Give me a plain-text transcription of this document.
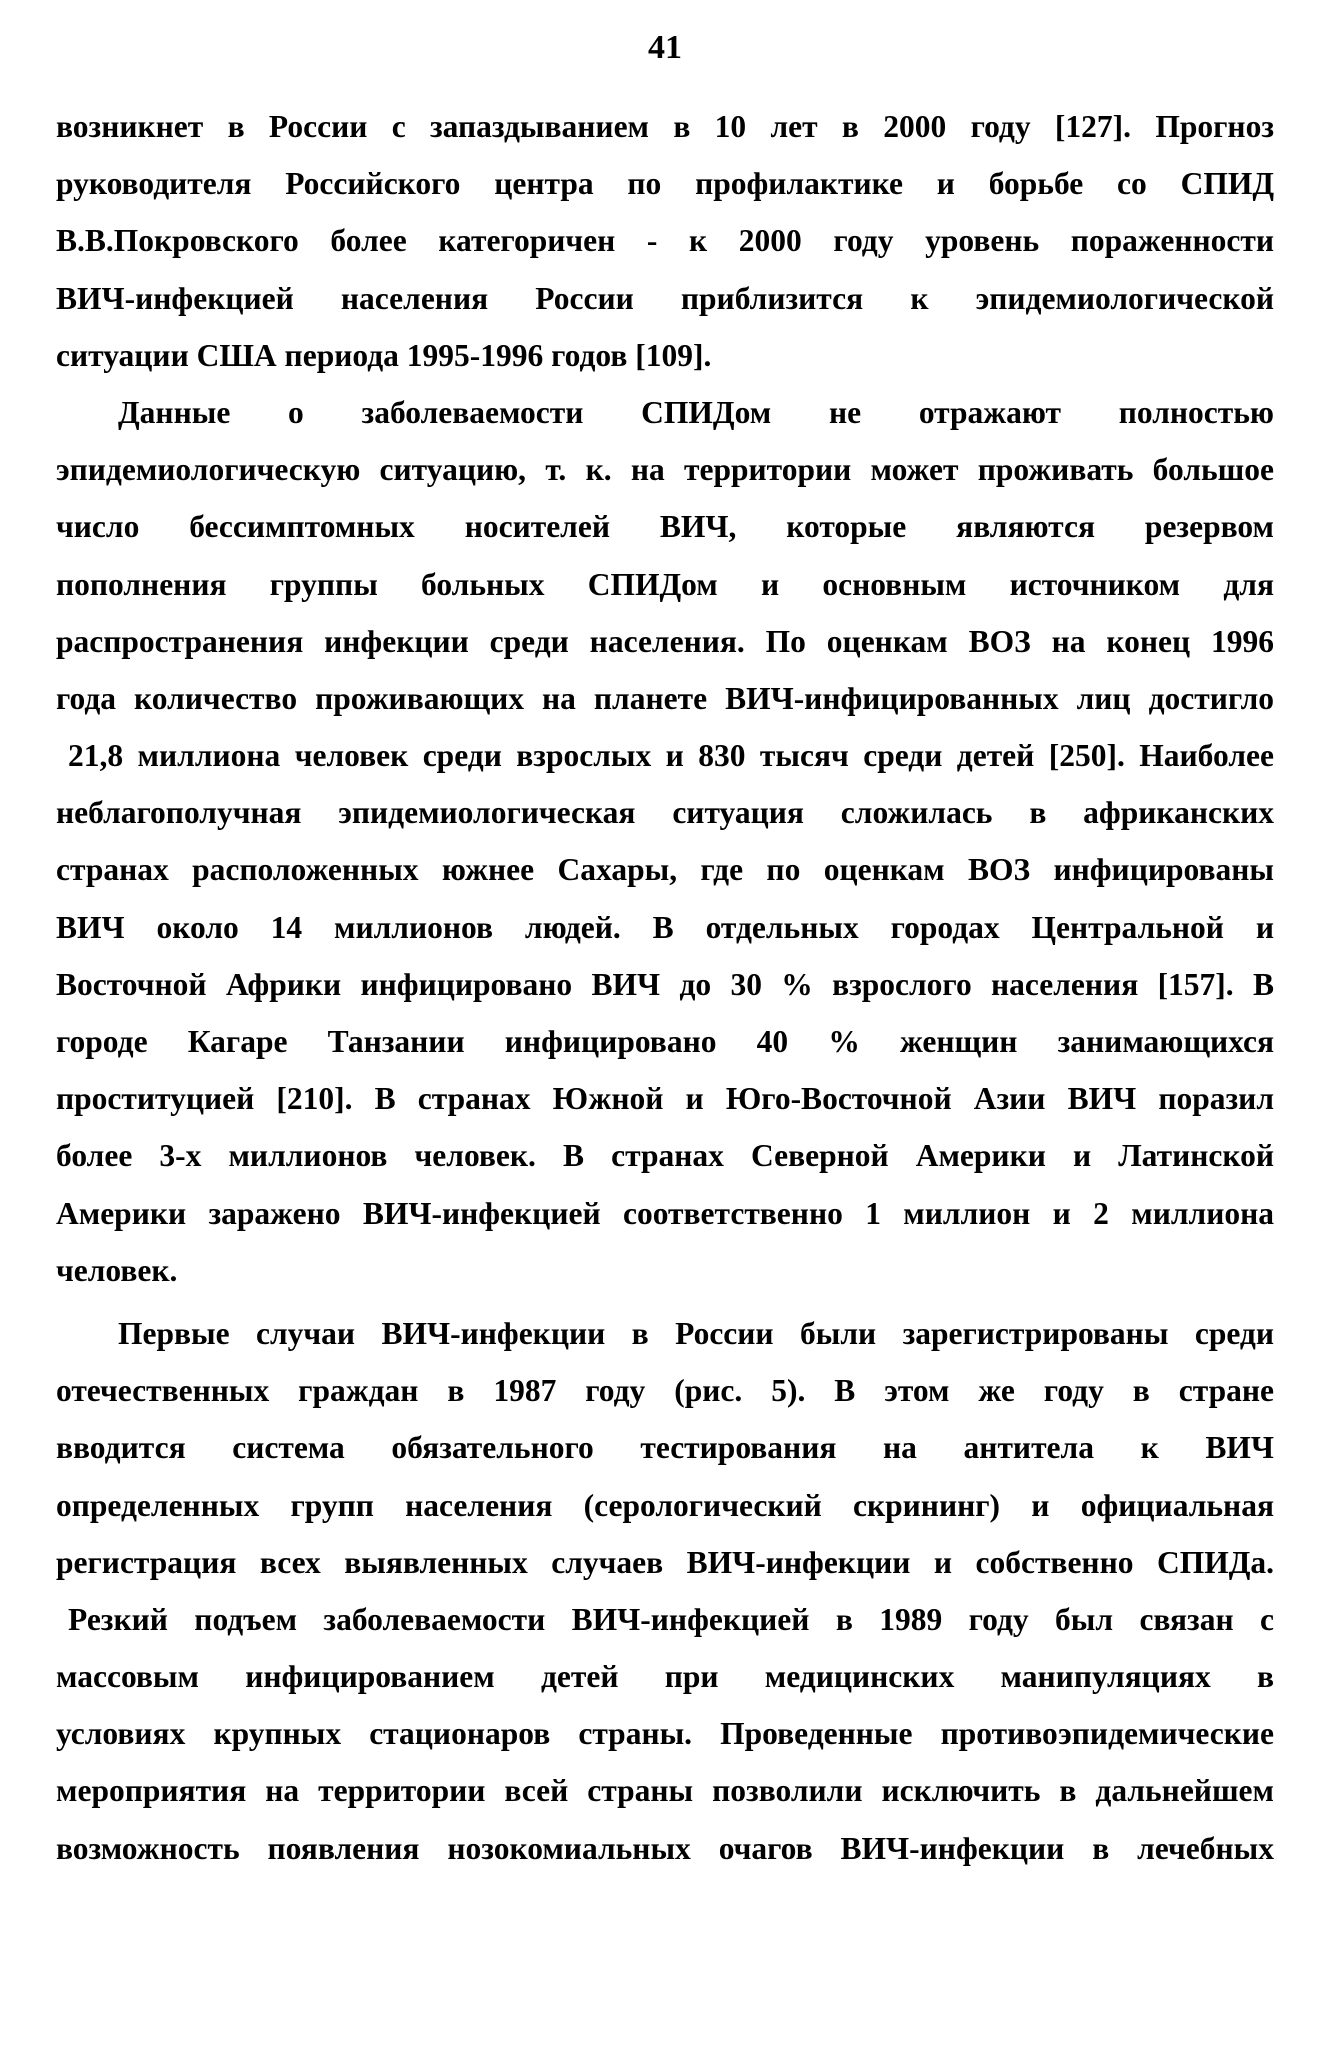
41
возникнет в России с запаздыванием в 10 лет в 2000 году [127]. Прогноз
руководителя Российского центра по профилактике и борьбе со СПИД
В.В.Покровского более категоричен - к 2000 году уровень пораженности
ВИЧ-инфекцией населения России приблизится к эпидемиологической
ситуации США периода 1995-1996 годов [109].
Данные о заболеваемости СПИДом не отражают полностью
эпидемиологическую ситуацию, т. к. на территории может проживать большое
число бессимптомных носителей ВИЧ, которые являются резервом
пополнения группы больных СПИДом и основным источником для
распространения инфекции среди населения. По оценкам ВОЗ на конец 1996
года количество проживающих на планете ВИЧ-инфицированных лиц достигло
21,8 миллиона человек среди взрослых и 830 тысяч среди детей [250]. Наиболее
неблагополучная эпидемиологическая ситуация сложилась в африканских
странах расположенных южнее Сахары, где по оценкам ВОЗ инфицированы
ВИЧ около 14 миллионов людей. В отдельных городах Центральной и
Восточной Африки инфицировано ВИЧ до 30 % взрослого населения [157]. В
городе Кагаре Танзании инфицировано 40 % женщин занимающихся
проституцией [210]. В странах Южной и Юго-Восточной Азии ВИЧ поразил
более 3-х миллионов человек. В странах Северной Америки и Латинской
Америки заражено ВИЧ-инфекцией соответственно 1 миллион и 2 миллиона
человек.
Первые случаи ВИЧ-инфекции в России были зарегистрированы среди
отечественных граждан в 1987 году (рис. 5). В этом же году в стране
вводится система обязательного тестирования на антитела к ВИЧ
определенных групп населения (серологический скрининг) и официальная
регистрация всех выявленных случаев ВИЧ-инфекции и собственно СПИДа.
Резкий подъем заболеваемости ВИЧ-инфекцией в 1989 году был связан с
массовым инфицированием детей при медицинских манипуляциях в
условиях крупных стационаров страны. Проведенные противоэпидемические
мероприятия на территории всей страны позволили исключить в дальнейшем
возможность появления нозокомиальных очагов ВИЧ-инфекции в лечебных
